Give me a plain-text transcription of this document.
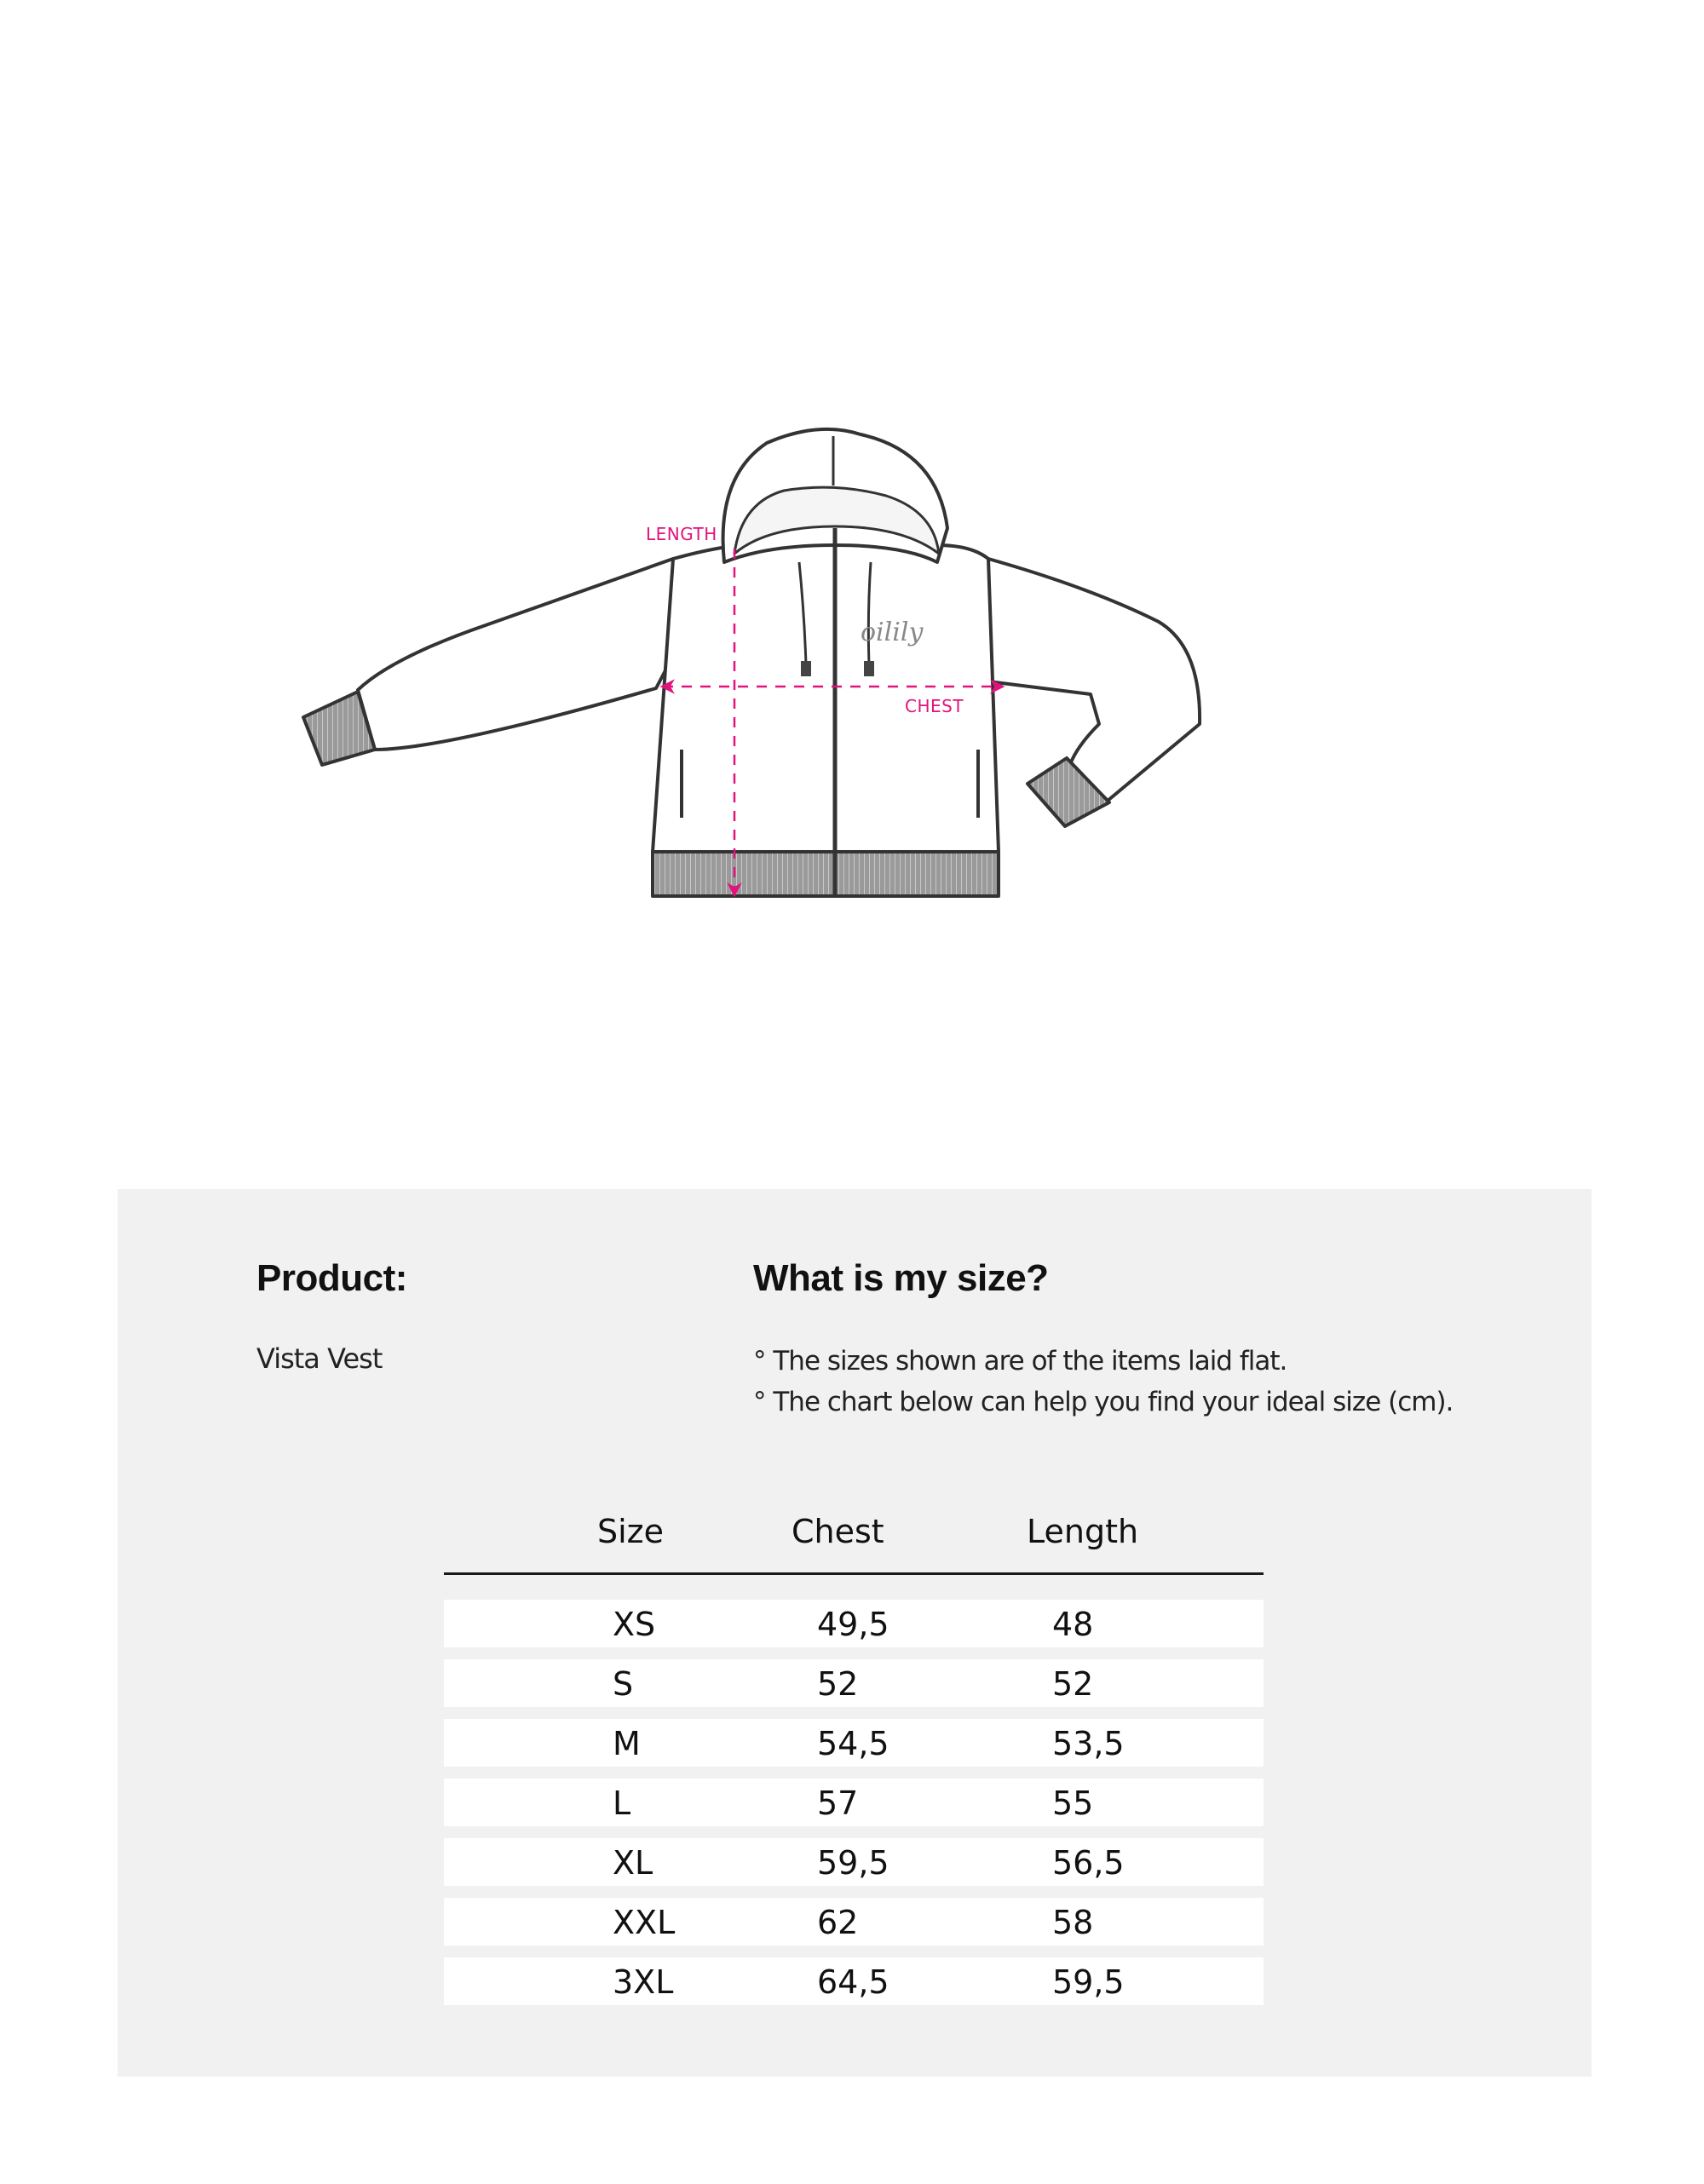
oilily
LENGTH
CHEST
Product:
Vista Vest
What is my size?
° The sizes shown are of the items laid flat.
° The chart below can help you find your ideal size (cm).
Size	Chest	Length
XS	49,5	48
S	52	52
M	54,5	53,5
L	57	55
XL	59,5	56,5
XXL	62	58
3XL	64,5	59,5
